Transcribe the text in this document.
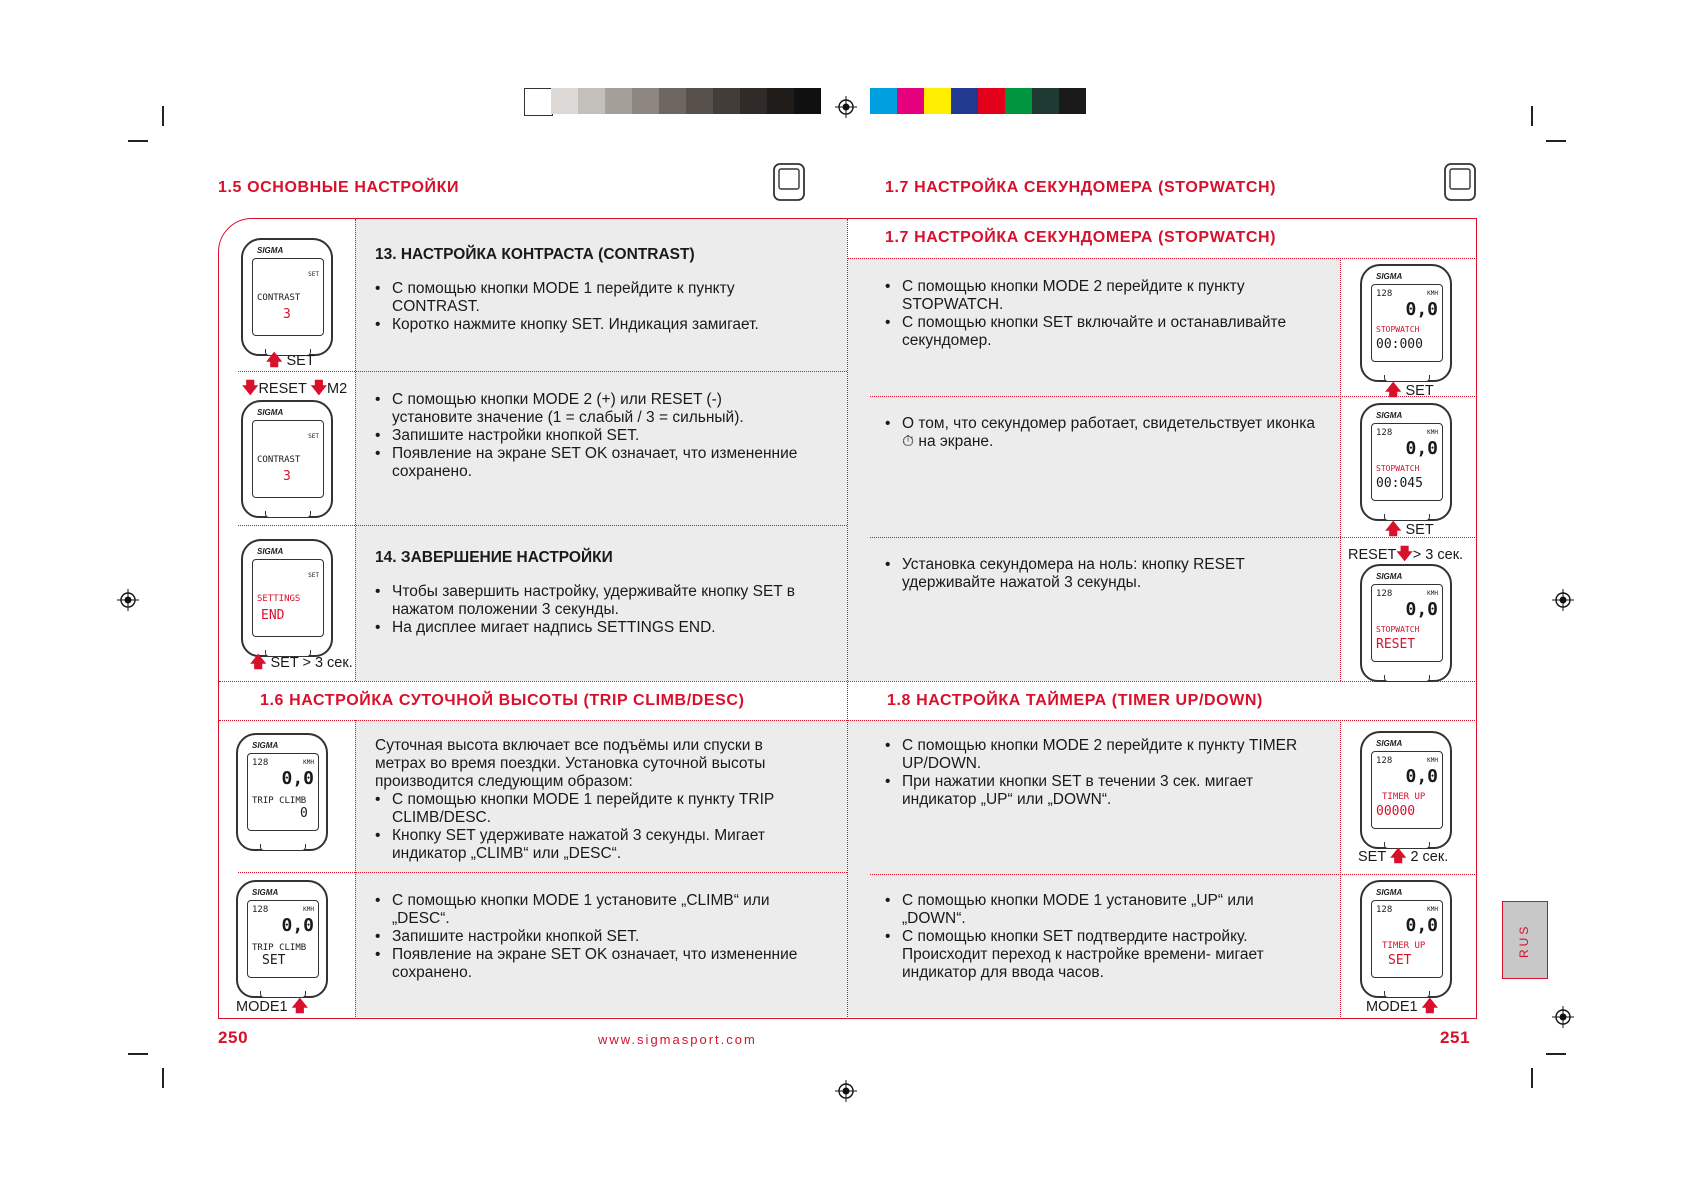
1.5 ОСНОВНЫЕ НАСТРОЙКИ	1.7 НАСТРОЙКА СЕКУНДОМЕРА (STOPWATCH)
SIGMA
SET
CONTRAST
3
🡅 SET
13. НАСТРОЙКА КОНТРАСТА (CONTRAST)
• С помощью кнопки MODE 1 перейдите к пункту CONTRAST.
• Коротко нажмите кнопку SET. Индикация замигает.
🡇RESET 🡇M2
SIGMA
SET
CONTRAST
3
• С помощью кнопки MODE 2 (+) или RESET (-) установите значение (1 = слабый / 3 = сильный).
• Запишите настройки кнопкой SET.
• Появление на экране SET OK означает, что измененние сохранено.
SIGMA
SET
SETTINGS
END
🡅 SET > 3 сек.
14. ЗАВЕРШЕНИЕ НАСТРОЙКИ
• Чтобы завершить настройку, удерживайте кнопку SET в нажатом положении 3 секунды.
• На дисплее мигает надпись SETTINGS END.
1.6 НАСТРОЙКА СУТОЧНОЙ ВЫСОТЫ (TRIP CLIMB/DESC)
SIGMA
128	KMH
0,0
TRIP CLIMB
0
Суточная высота включает все подъёмы или спуски в метрах во время поездки. Установка суточной высоты производится следующим образом:
• С помощью кнопки MODE 1 перейдите к пункту TRIP CLIMB/DESC.
• Кнопку SET удерживате нажатой 3 секунды. Мигает индикатор „CLIMB“ или „DESC“.
SIGMA
128	KMH
0,0
TRIP CLIMB
SET
MODE1 🡅
• С помощью кнопки MODE 1 установите „CLIMB“ или „DESC“.
• Запишите настройки кнопкой SET.
• Появление на экране SET OK означает, что измененние сохранено.
1.7 НАСТРОЙКА СЕКУНДОМЕРА (STOPWATCH)
• С помощью кнопки MODE 2 перейдите к пункту STOPWATCH.
• С помощью кнопки SET включайте и останавливайте секундомер.
SIGMA
128	KMH
0,0
STOPWATCH
00:000
🡅 SET
• О том, что секундомер работает, свидетельствует иконка ⏱ на экране.
SIGMA
128	KMH
0,0
STOPWATCH
00:045
🡅 SET
• Установка секундомера на ноль: кнопку RESET удерживайте нажатой 3 секунды.
RESET🡇> 3 сек.
SIGMA
128	KMH
0,0
STOPWATCH
RESET
1.8 НАСТРОЙКА ТАЙМЕРА (TIMER UP/DOWN)
• С помощью кнопки MODE 2 перейдите к пункту TIMER UP/DOWN.
• При нажатии кнопки SET в течении 3 сек. мигает индикатор „UP“ или „DOWN“.
SIGMA
128	KMH
0,0
TIMER UP
00000
SET 🡅 2 сек.
• С помощью кнопки MODE 1 установите „UP“ или „DOWN“.
• С помощью кнопки SET подтвердите настройку. Происходит переход к настройке времени- мигает индикатор для ввода часов.
SIGMA
128	KMH
0,0
TIMER UP
SET
MODE1 🡅
RUS
250	www.sigmasport.com	251
